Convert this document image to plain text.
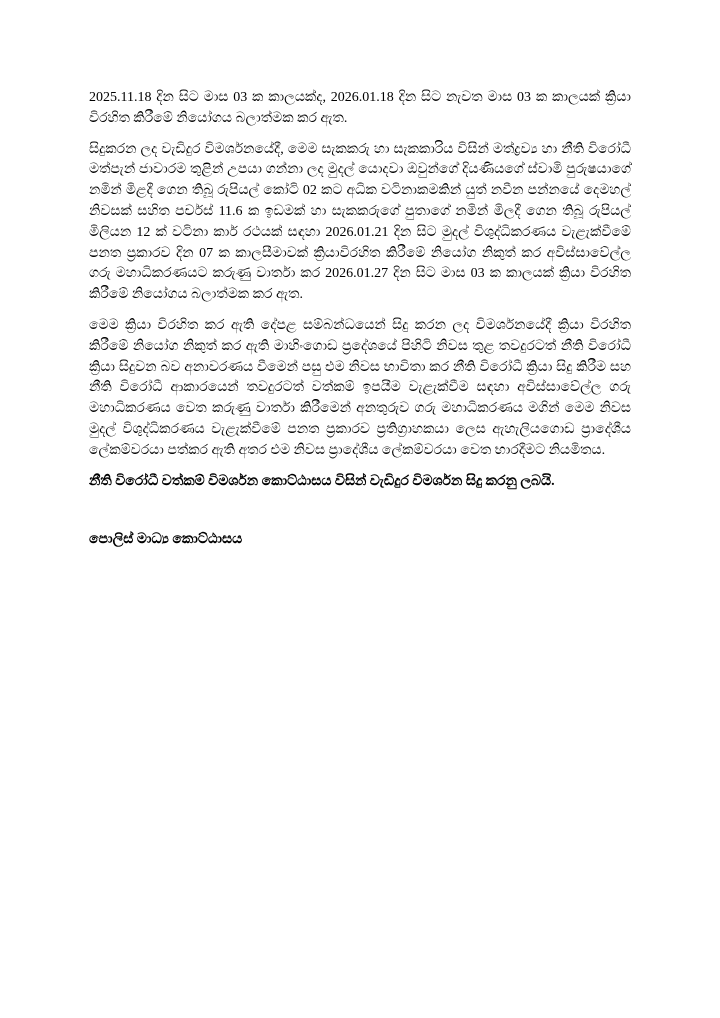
2025.11.18 දින සිට මාස 03 ක කාලයක්ද, 2026.01.18 දින සිට නැවත මාස 03 ක කාලයක් ක්‍රියා විරහිත කිරීමේ නියෝගය බලාත්මක කර ඇත.

සිදුකරන ලද වැඩිදුර විමර්ශනයේදී, මෙම සැකකරු හා සැකකාරිය විසින් මත්ද්‍රව්‍ය හා නීති විරෝධී මත්පැන් ජාවාරම තුළින් උපයා ගන්නා ලද මුදල් යොදවා ඔවුන්ගේ දියණියගේ ස්වාමි පුරුෂයාගේ නමින් මිළදී ගෙන තිබූ රුපියල් කෝටි 02 කට අධික වටිනාකමකින් යුත් නවීන පන්නයේ දෙමහල් නිවසක් සහිත පර්චස් 11.6 ක ඉඩමක් හා සැකකරුගේ පුතාගේ නමින් මිලදී ගෙන තිබූ රුපියල් මිලියන 12 ක් වටිනා කාර් රථයක් සඳහා 2026.01.21 දින සිට මුදල් විශුද්ධිකරණය වැළැක්වීමේ පනත ප්‍රකාරව දින 07 ක කාලසීමාවක් ක්‍රියාවිරහිත කිරීමේ නියෝග නිකුත් කර අවිස්සාවේල්ල ගරු මහාධිකරණයට කරුණු වාර්තා කර 2026.01.27 දින සිට මාස 03 ක කාලයක් ක්‍රියා විරහිත කිරීමේ නියෝගය බලාත්මක කර ඇත.

මෙම ක්‍රියා විරහිත කර ඇති දේපළ සම්බන්ධයෙන් සිදු කරන ලද විමර්ශනයේදී ක්‍රියා විරහිත කිරීමේ නියෝග නිකුත් කර ඇති මාහිංගොඩ ප්‍රදේශයේ පිහිටි නිවස තුළ තවදුරටත් නීති විරෝධී ක්‍රියා සිදුවන බව අනාවරණය වීමෙන් පසු එම නිවස භාවිතා කර නීති විරෝධී ක්‍රියා සිදු කිරීම සහ නීති විරෝධී ආකාරයෙන් තවදුරටත් වත්කම් ඉපයීම වැළැක්වීම සඳහා අවිස්සාවේල්ල ගරු මහාධිකරණය වෙත කරුණු වාර්තා කිරීමෙන් අනතුරුව ගරු මහාධිකරණය මගින් මෙම නිවස මුදල් විශුද්ධිකරණය වැළැක්වීමේ පනත ප්‍රකාරව ප්‍රතිග්‍රාහකයා ලෙස ඇහැලියගොඩ ප්‍රාදේශීය ලේකම්වරයා පත්කර ඇති අතර එම නිවස ප්‍රාදේශීය ලේකම්වරයා වෙත භාරදීමට නියමිතය.

නීති විරෝධී වත්කම් විමර්ශන කොට්ඨාසය විසින් වැඩිදුර විමර්ශන සිදු කරනු ලබයි.

පොලිස් මාධ්‍ය කොට්ඨාසය
